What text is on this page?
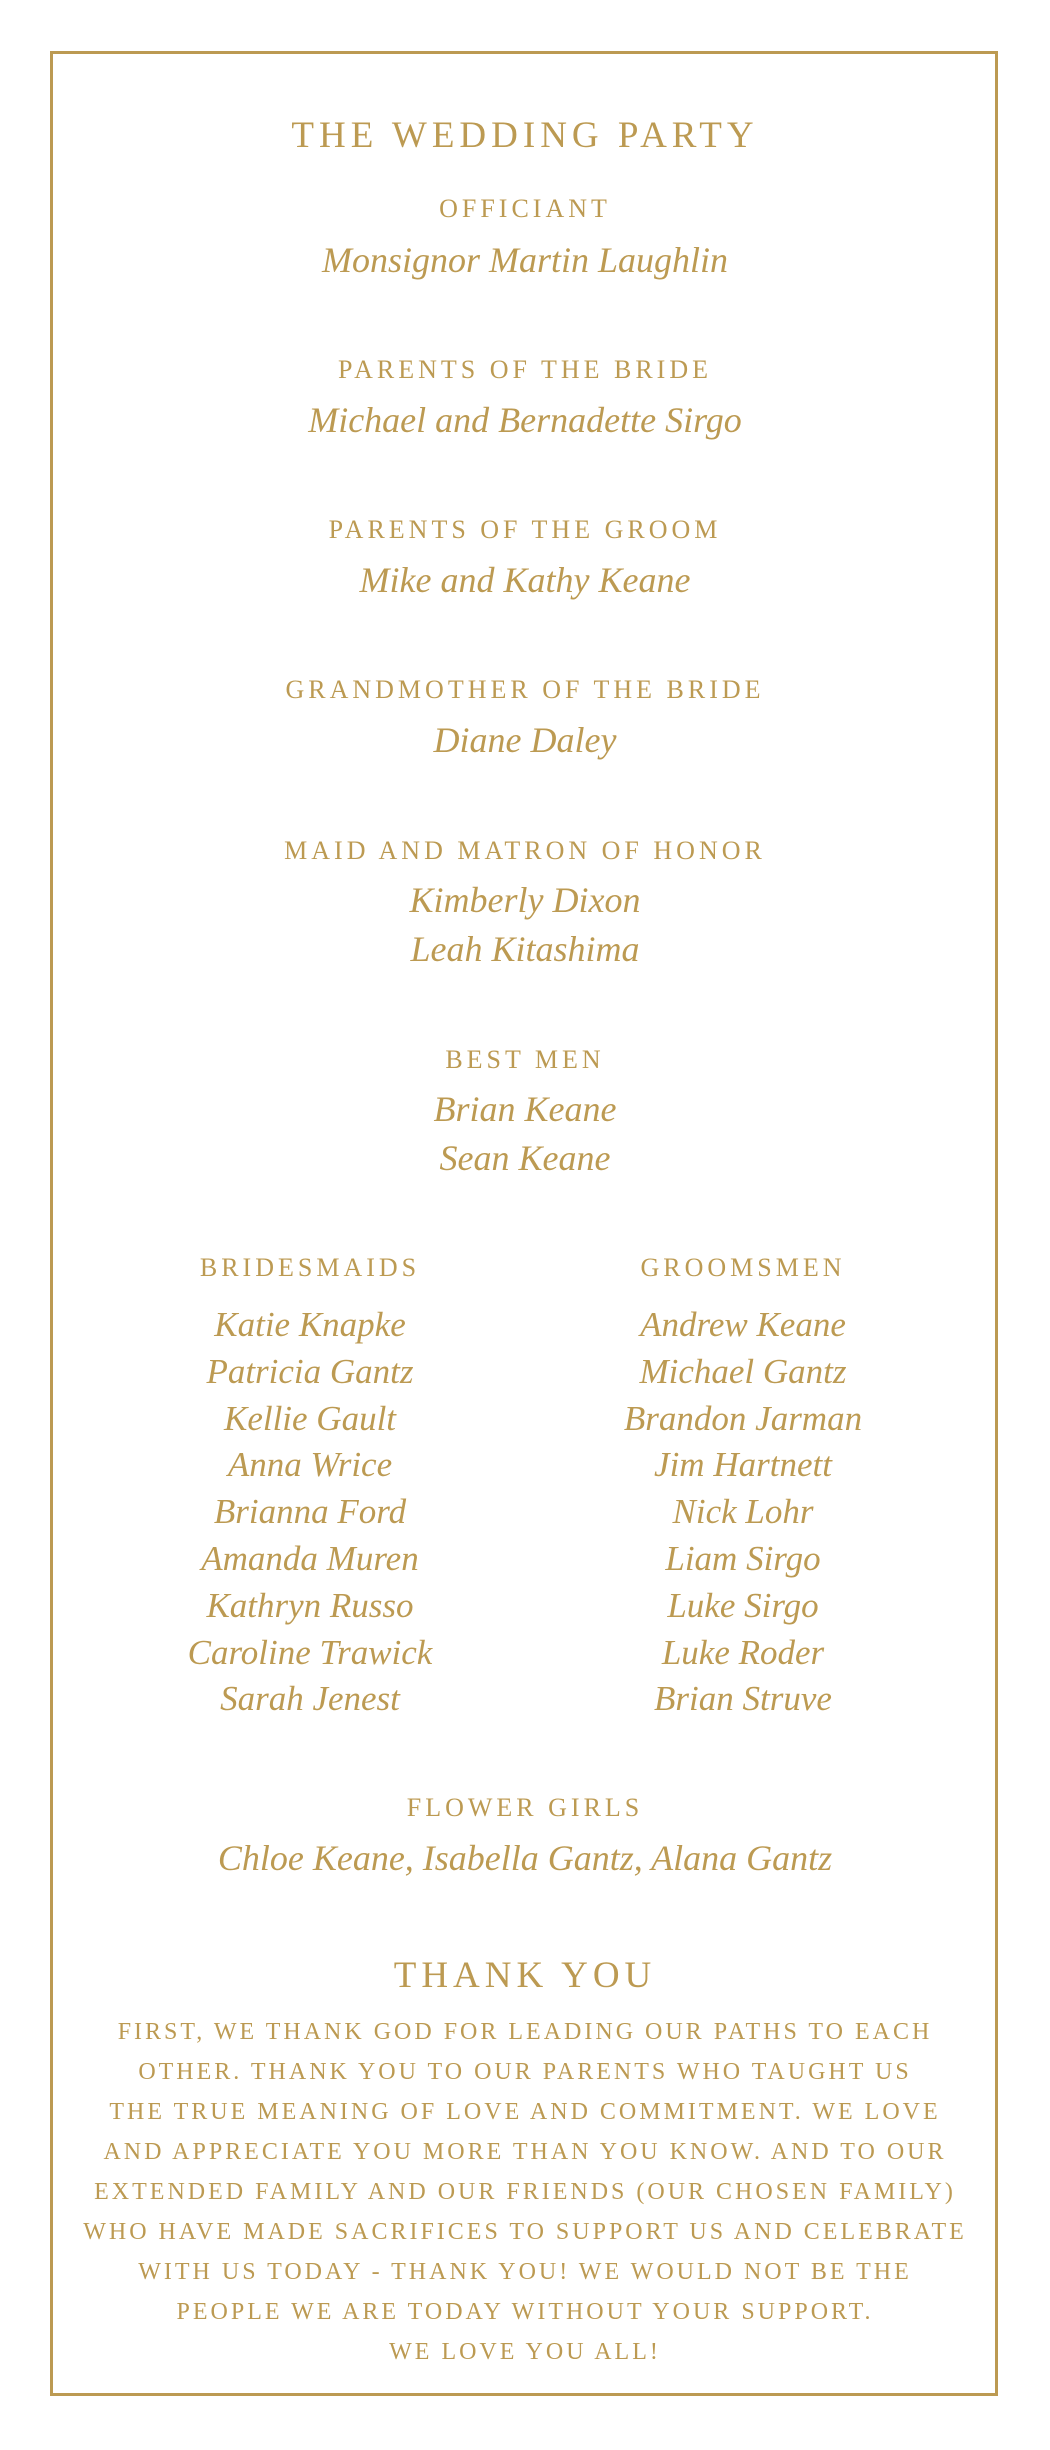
THE WEDDING PARTY
OFFICIANT
Monsignor Martin Laughlin
PARENTS OF THE BRIDE
Michael and Bernadette Sirgo
PARENTS OF THE GROOM
Mike and Kathy Keane
GRANDMOTHER OF THE BRIDE
Diane Daley
MAID AND MATRON OF HONOR
Kimberly Dixon
Leah Kitashima
BEST MEN
Brian Keane
Sean Keane
BRIDESMAIDS
Katie Knapke
Patricia Gantz
Kellie Gault
Anna Wrice
Brianna Ford
Amanda Muren
Kathryn Russo
Caroline Trawick
Sarah Jenest
GROOMSMEN
Andrew Keane
Michael Gantz
Brandon Jarman
Jim Hartnett
Nick Lohr
Liam Sirgo
Luke Sirgo
Luke Roder
Brian Struve
FLOWER GIRLS
Chloe Keane, Isabella Gantz, Alana Gantz
THANK YOU
FIRST, WE THANK GOD FOR LEADING OUR PATHS TO EACH
OTHER. THANK YOU TO OUR PARENTS WHO TAUGHT US
THE TRUE MEANING OF LOVE AND COMMITMENT. WE LOVE
AND APPRECIATE YOU MORE THAN YOU KNOW. AND TO OUR
EXTENDED FAMILY AND OUR FRIENDS (OUR CHOSEN FAMILY)
WHO HAVE MADE SACRIFICES TO SUPPORT US AND CELEBRATE
WITH US TODAY - THANK YOU! WE WOULD NOT BE THE
PEOPLE WE ARE TODAY WITHOUT YOUR SUPPORT.
WE LOVE YOU ALL!
